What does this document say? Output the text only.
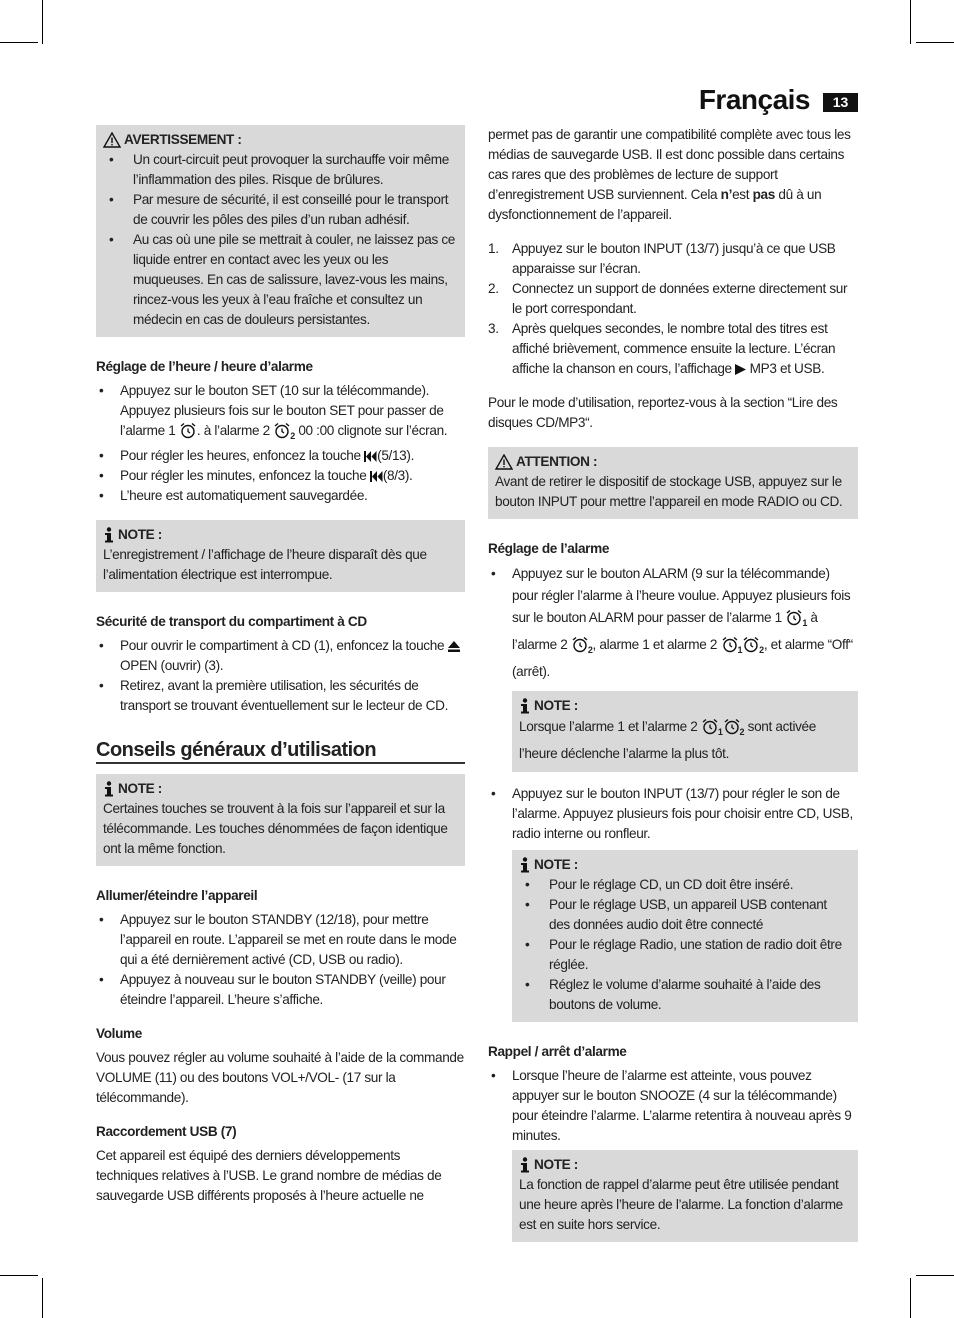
Français	13
AVERTISSEMENT :
• Un court-circuit peut provoquer la surchauffe voir même l’inflammation des piles. Risque de brûlures.
• Par mesure de sécurité, il est conseillé pour le transport de couvrir les pôles des piles d’un ruban adhésif.
• Au cas où une pile se mettrait à couler, ne laissez pas ce liquide entrer en contact avec les yeux ou les muqueuses. En cas de salissure, lavez-vous les mains, rincez-vous les yeux à l’eau fraîche et consultez un médecin en cas de douleurs persistantes.
Réglage de l’heure / heure d’alarme
• Appuyez sur le bouton SET (10 sur la télécommande). Appuyez plusieurs fois sur le bouton SET pour passer de l’alarme 1 . à l’alarme 2 $_2$ 00 :00 clignote sur l’écran.
• Pour régler les heures, enfoncez la touche (5/13).
• Pour régler les minutes, enfoncez la touche (8/3).
• L’heure est automatiquement sauvegardée.
NOTE :

L’enregistrement / l’affichage de l’heure disparaît dès que l’alimentation électrique est interrompue.

Sécurité de transport du compartiment à CD
• Pour ouvrir le compartiment à CD (1), enfoncez la touche  OPEN (ouvrir) (3).
• Retirez, avant la première utilisation, les sécurités de transport se trouvant éventuellement sur le lecteur de CD.
Conseils généraux d’utilisation
NOTE :

Certaines touches se trouvent à la fois sur l’appareil et sur la télécommande. Les touches dénommées de façon identique ont la même fonction.

Allumer/éteindre l’appareil
• Appuyez sur le bouton STANDBY (12/18), pour mettre l’appareil en route. L’appareil se met en route dans le mode qui a été dernièrement activé (CD, USB ou radio).
• Appuyez à nouveau sur le bouton STANDBY (veille) pour éteindre l’appareil. L’heure s’affiche.
Volume

Vous pouvez régler au volume souhaité à l’aide de la commande VOLUME (11) ou des boutons VOL+/VOL- (17 sur la télécommande).

Raccordement USB (7)

Cet appareil est équipé des derniers développements techniques relatives à l’USB. Le grand nombre de médias de sauvegarde USB différents proposés à l’heure actuelle ne

permet pas de garantir une compatibilité complète avec tous les médias de sauvegarde USB. Il est donc possible dans certains cas rares que des problèmes de lecture de support d’enregistrement USB surviennent. Cela n’est pas dû à un dysfonctionnement de l’appareil.

1. Appuyez sur le bouton INPUT (13/7) jusqu’à ce que USB apparaisse sur l’écran.
2. Connectez un support de données externe directement sur le port correspondant.
3. Après quelques secondes, le nombre total des titres est affiché brièvement, commence ensuite la lecture. L’écran affiche la chanson en cours, l’affichage MP3 et USB.

Pour le mode d’utilisation, reportez-vous à la section “Lire des disques CD/MP3“.

ATTENTION :

Avant de retirer le dispositif de stockage USB, appuyez sur le bouton INPUT pour mettre l’appareil en mode RADIO ou CD.

Réglage de l’alarme
• Appuyez sur le bouton ALARM (9 sur la télécommande) pour régler l’alarme à l’heure voulue. Appuyez plusieurs fois sur le bouton ALARM pour passer de l’alarme 1 $_1$ à l’alarme 2 $_2$, alarme 1 et alarme 2 $_1$ $_2$, et alarme “Off“ (arrêt).
NOTE :

Lorsque l’alarme 1 et l’alarme 2 $_1$ $_2$ sont activée l’heure déclenche l’alarme la plus tôt.

• Appuyez sur le bouton INPUT (13/7) pour régler le son de l’alarme. Appuyez plusieurs fois pour choisir entre CD, USB, radio interne ou ronfleur.
NOTE :
• Pour le réglage CD, un CD doit être inséré.
• Pour le réglage USB, un appareil USB contenant des données audio doit être connecté
• Pour le réglage Radio, une station de radio doit être réglée.
• Réglez le volume d’alarme souhaité à l’aide des boutons de volume.
Rappel / arrêt d’alarme
• Lorsque l’heure de l’alarme est atteinte, vous pouvez appuyer sur le bouton SNOOZE (4 sur la télécommande) pour éteindre l’alarme. L’alarme retentira à nouveau après 9 minutes.
NOTE :

La fonction de rappel d’alarme peut être utilisée pendant une heure après l’heure de l’alarme. La fonction d’alarme est en suite hors service.
